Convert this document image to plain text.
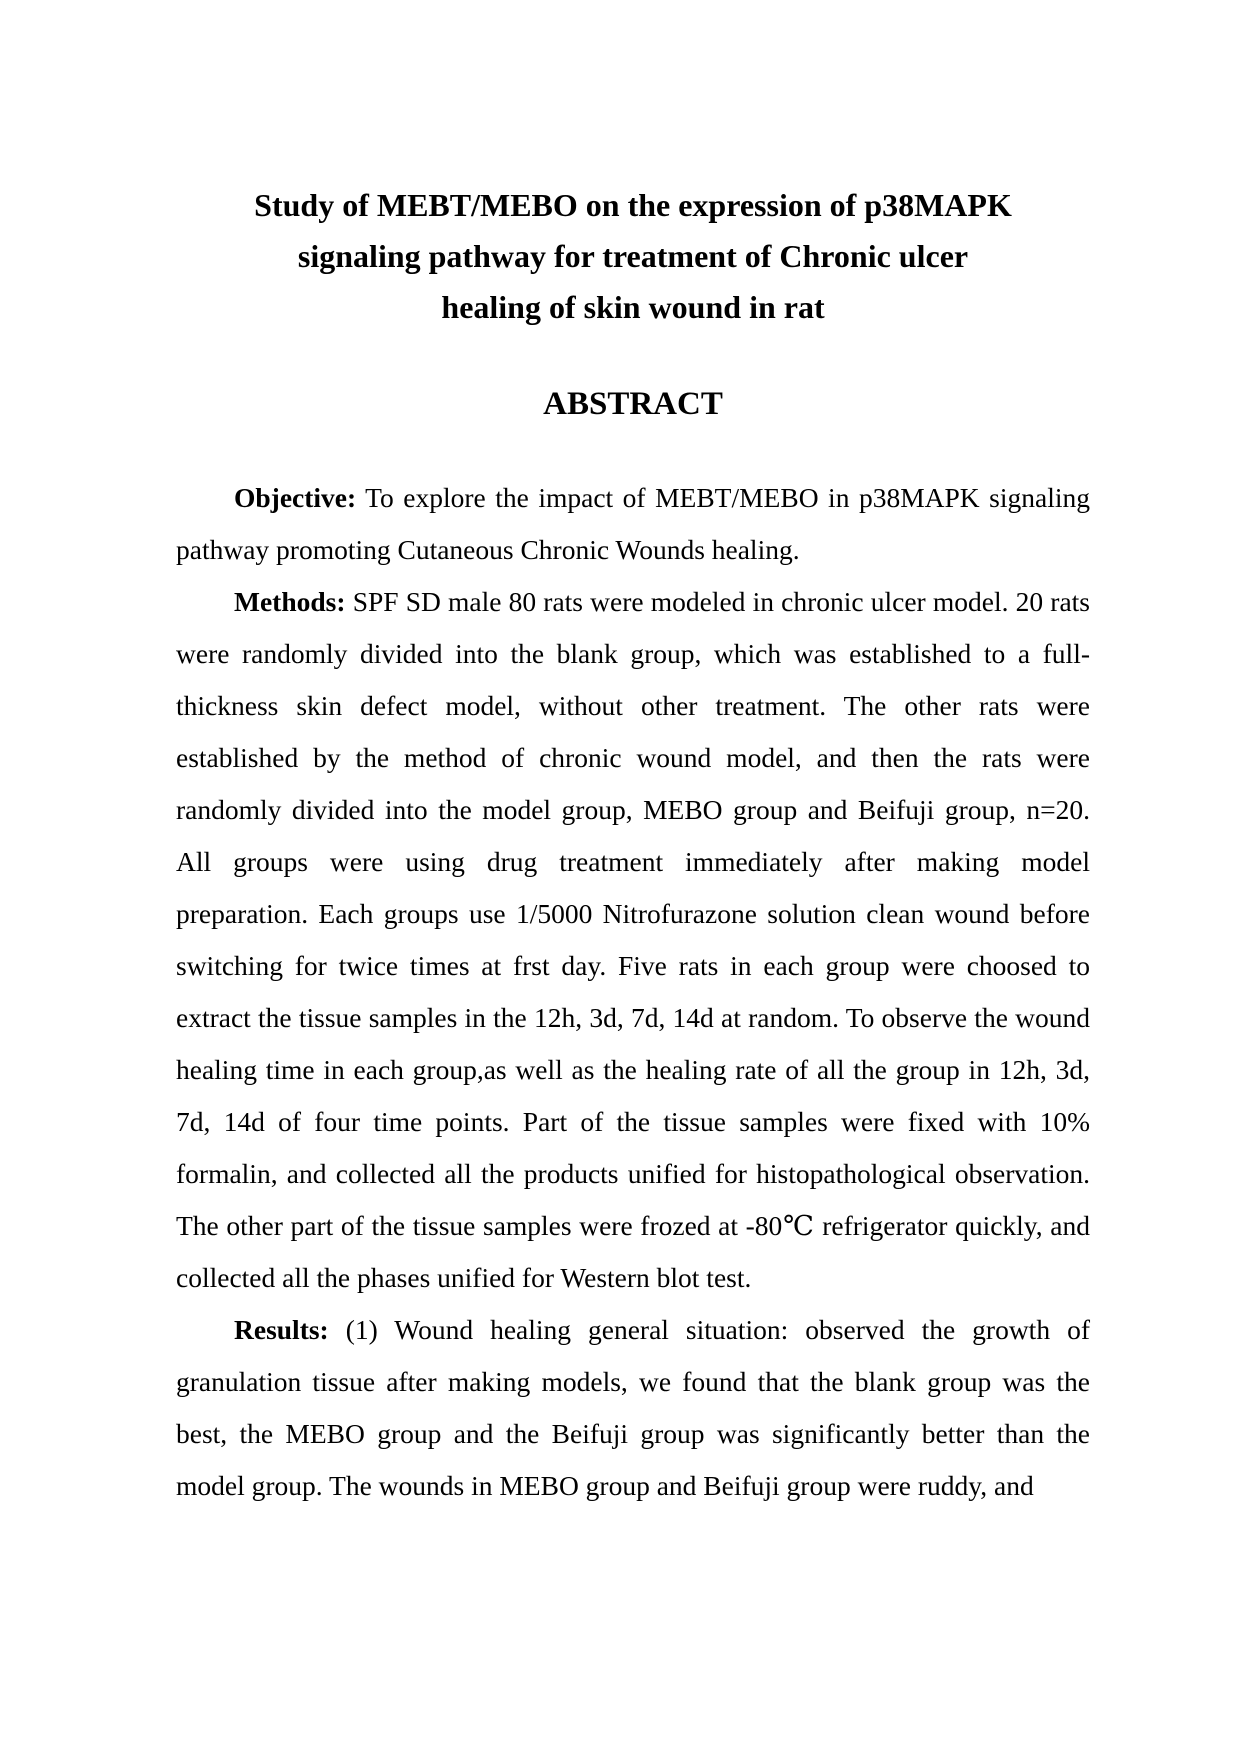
Study of MEBT/MEBO on the expression of p38MAPK
signaling pathway for treatment of Chronic ulcer
healing of skin wound in rat
ABSTRACT

Objective: To explore the impact of MEBT/MEBO in p38MAPK signaling pathway promoting Cutaneous Chronic Wounds healing.

Methods: SPF SD male 80 rats were modeled in chronic ulcer model. 20 rats were randomly divided into the blank group, which was established to a full-thickness skin defect model, without other treatment. The other rats were established by the method of chronic wound model, and then the rats were randomly divided into the model group, MEBO group and Beifuji group, n=20. All groups were using drug treatment immediately after making model preparation. Each groups use 1/5000 Nitrofurazone solution clean wound before switching for twice times at frst day. Five rats in each group were choosed to extract the tissue samples in the 12h, 3d, 7d, 14d at random. To observe the wound healing time in each group,as well as the healing rate of all the group in 12h, 3d, 7d, 14d of four time points. Part of the tissue samples were fixed with 10% formalin, and collected all the products unified for histopathological observation. The other part of the tissue samples were frozed at -80℃ refrigerator quickly, and collected all the phases unified for Western blot test.

Results: (1) Wound healing general situation: observed the growth of granulation tissue after making models, we found that the blank group was the best, the MEBO group and the Beifuji group was significantly better than the model group. The wounds in MEBO group and Beifuji group were ruddy, and
